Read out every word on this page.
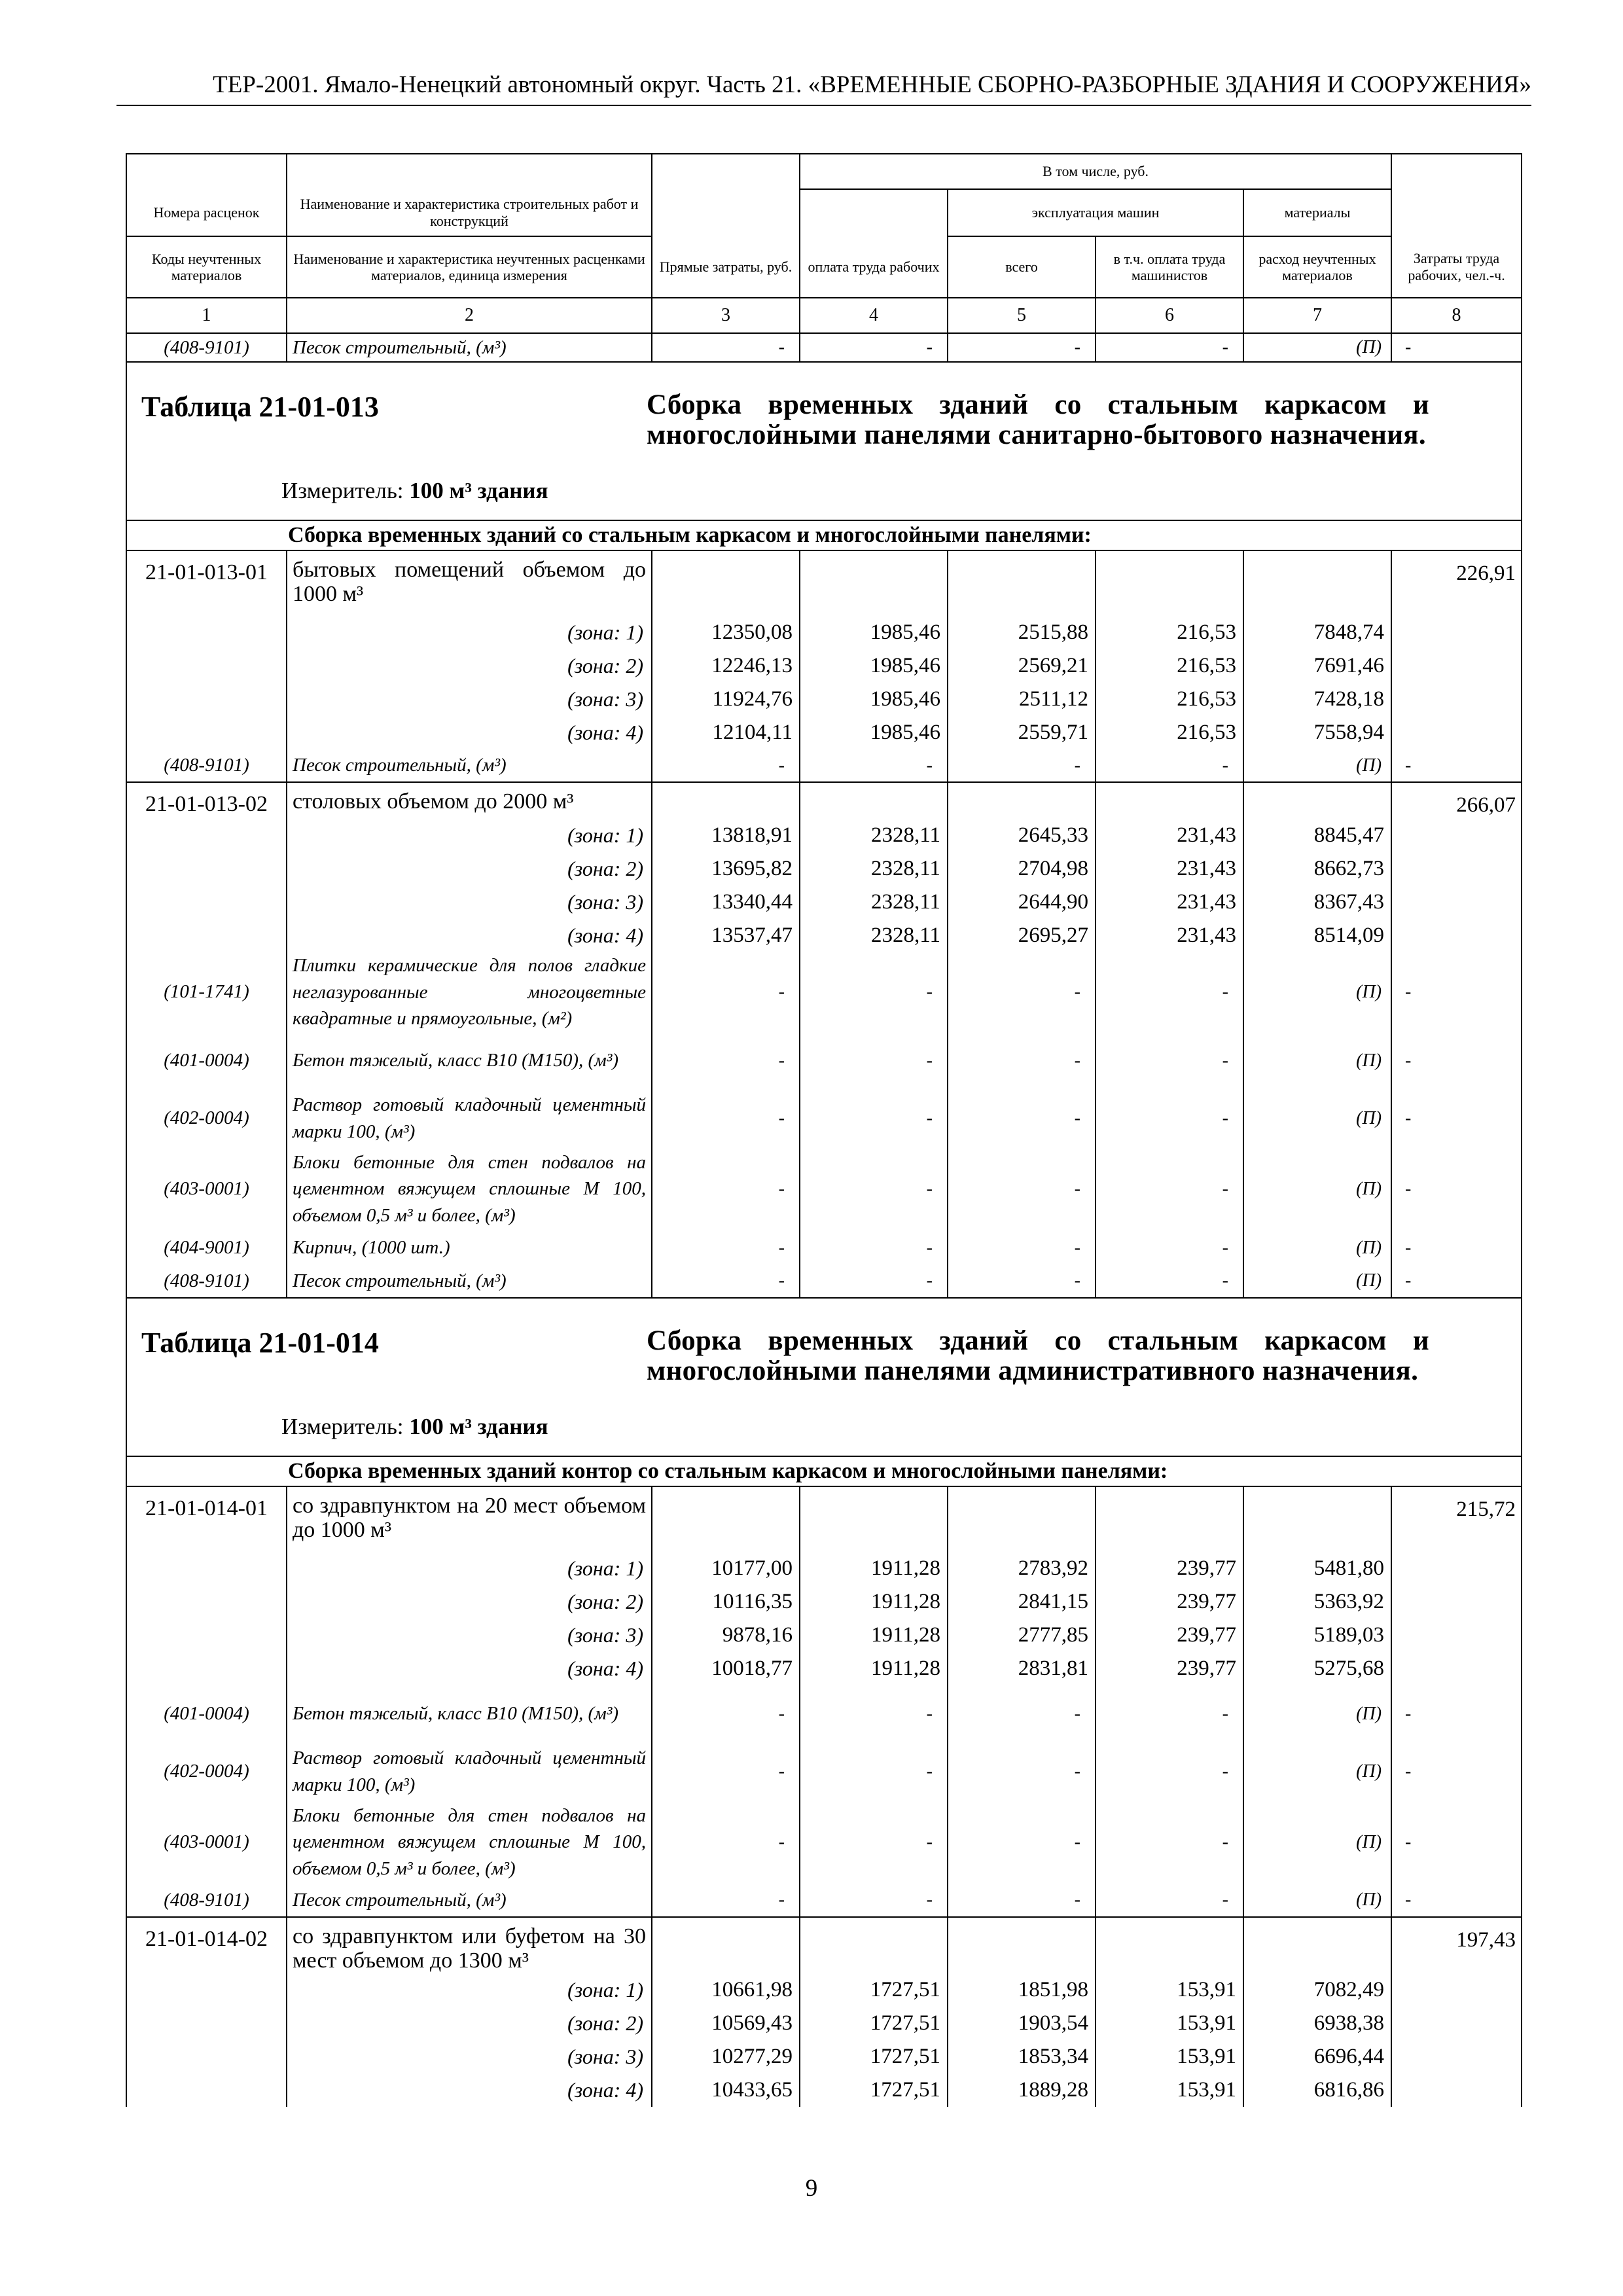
ТЕР-2001. Ямало-Ненецкий автономный округ. Часть 21. «ВРЕМЕННЫЕ СБОРНО-РАЗБОРНЫЕ ЗДАНИЯ И СООРУЖЕНИЯ»
			В том числе, руб.				
Номера расценок	Наименование и характеристика строительных работ и конструкций			эксплуатация машин		материалы	
Коды неучтенных материалов	Наименование и характеристика неучтенных расценками материалов, единица измерения	Прямые затраты, руб.	оплата труда рабочих	всего	в т.ч. оплата труда машинистов	расход неучтенных материалов	Затраты труда рабочих, чел.-ч.
1	2	3	4	5	6	7	8
(408-9101)	Песок строительный, (м³)	-	-	-	-	(П)	-

Таблица 21-01-013 Сборка временных зданий со стальным каркасом и многослойными панелями санитарно-бытового назначения.
Измеритель: 100 м³ здания							

Сборка временных зданий со стальным каркасом и многослойными панелями:							
21-01-013-01	бытовых помещений объемом до 1000 м³						226,91
	(зона: 1)	12350,08	1985,46	2515,88	216,53	7848,74	
	(зона: 2)	12246,13	1985,46	2569,21	216,53	7691,46	
	(зона: 3)	11924,76	1985,46	2511,12	216,53	7428,18	
	(зона: 4)	12104,11	1985,46	2559,71	216,53	7558,94	
(408-9101)	Песок строительный, (м³)	-	-	-	-	(П)	-
21-01-013-02	столовых объемом до 2000 м³						266,07
	(зона: 1)	13818,91	2328,11	2645,33	231,43	8845,47	
	(зона: 2)	13695,82	2328,11	2704,98	231,43	8662,73	
	(зона: 3)	13340,44	2328,11	2644,90	231,43	8367,43	
	(зона: 4)	13537,47	2328,11	2695,27	231,43	8514,09	
(101-1741)	Плитки керамические для полов гладкие неглазурованные многоцветные квадратные и прямоугольные, (м²)	-	-	-	-	(П)	-
(401-0004)	Бетон тяжелый, класс В10 (М150), (м³)	-	-	-	-	(П)	-
(402-0004)	Раствор готовый кладочный цементный марки 100, (м³)	-	-	-	-	(П)	-
(403-0001)	Блоки бетонные для стен подвалов на цементном вяжущем сплошные М 100, объемом 0,5 м³ и более, (м³)	-	-	-	-	(П)	-
(404-9001)	Кирпич, (1000 шт.)	-	-	-	-	(П)	-
(408-9101)	Песок строительный, (м³)	-	-	-	-	(П)	-

Таблица 21-01-014 Сборка временных зданий со стальным каркасом и многослойными панелями административного назначения.
Измеритель: 100 м³ здания							

Сборка временных зданий контор со стальным каркасом и многослойными панелями:							
21-01-014-01	со здравпунктом на 20 мест объемом до 1000 м³						215,72
	(зона: 1)	10177,00	1911,28	2783,92	239,77	5481,80	
	(зона: 2)	10116,35	1911,28	2841,15	239,77	5363,92	
	(зона: 3)	9878,16	1911,28	2777,85	239,77	5189,03	
	(зона: 4)	10018,77	1911,28	2831,81	239,77	5275,68	
(401-0004)	Бетон тяжелый, класс В10 (М150), (м³)	-	-	-	-	(П)	-
(402-0004)	Раствор готовый кладочный цементный марки 100, (м³)	-	-	-	-	(П)	-
(403-0001)	Блоки бетонные для стен подвалов на цементном вяжущем сплошные М 100, объемом 0,5 м³ и более, (м³)	-	-	-	-	(П)	-
(408-9101)	Песок строительный, (м³)	-	-	-	-	(П)	-
21-01-014-02	со здравпунктом или буфетом на 30 мест объемом до 1300 м³						197,43
	(зона: 1)	10661,98	1727,51	1851,98	153,91	7082,49	
	(зона: 2)	10569,43	1727,51	1903,54	153,91	6938,38	
	(зона: 3)	10277,29	1727,51	1853,34	153,91	6696,44	
	(зона: 4)	10433,65	1727,51	1889,28	153,91	6816,86	
9
